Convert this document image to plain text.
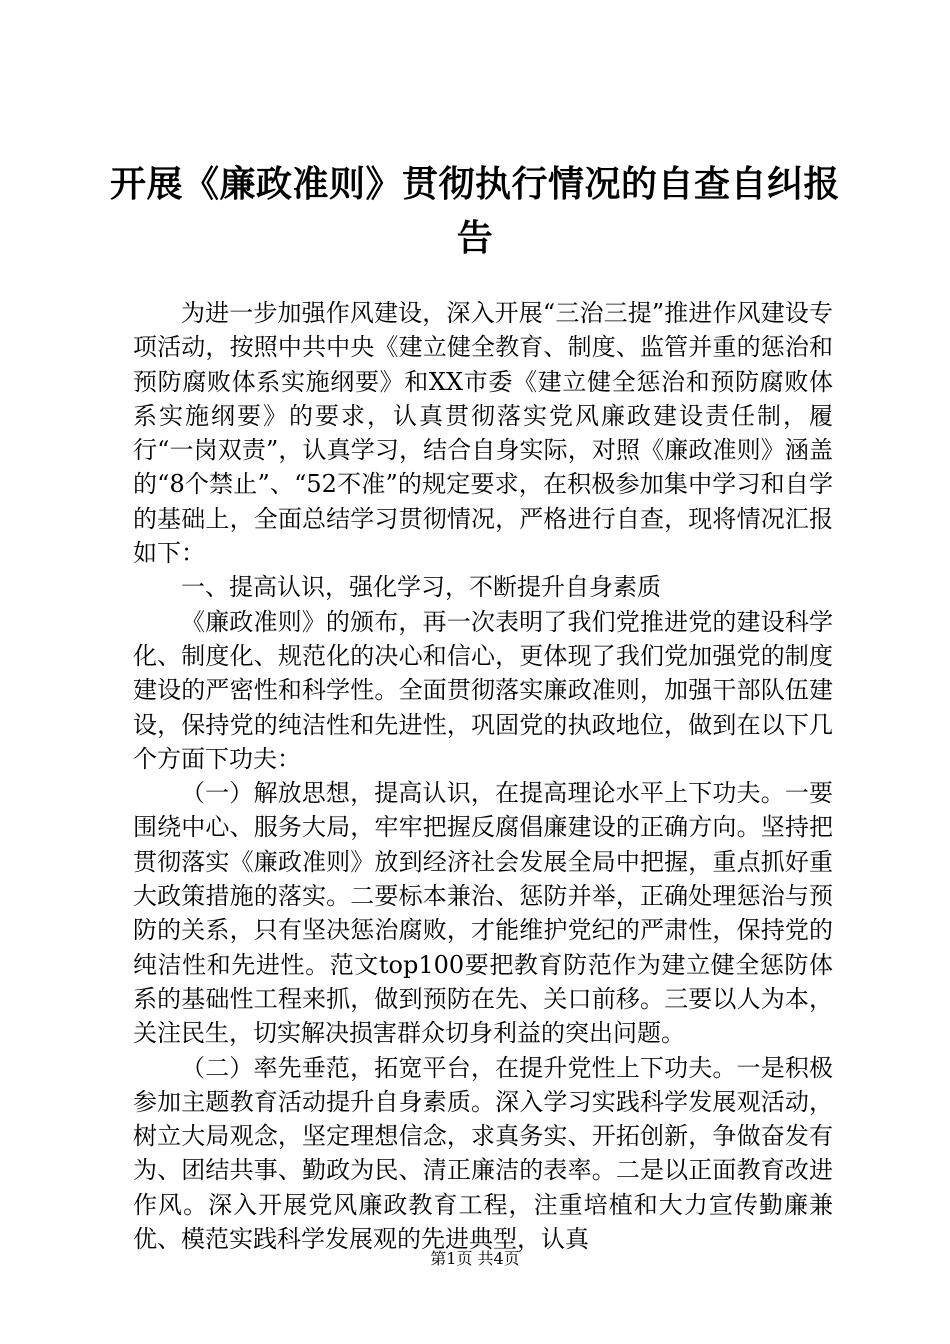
开展《廉政准则》贯彻执行情况的自查自纠报告

为进一步加强作风建设，深入开展“三治三提”推进作风建设专项活动，按照中共中央《建立健全教育、制度、监管并重的惩治和预防腐败体系实施纲要》和XX市委《建立健全惩治和预防腐败体系实施纲要》的要求，认真贯彻落实党风廉政建设责任制，履行“一岗双责”，认真学习，结合自身实际，对照《廉政准则》涵盖的“8个禁止”、“52不准”的规定要求，在积极参加集中学习和自学的基础上，全面总结学习贯彻情况，严格进行自查，现将情况汇报如下：

一、提高认识，强化学习，不断提升自身素质

《廉政准则》的颁布，再一次表明了我们党推进党的建设科学化、制度化、规范化的决心和信心，更体现了我们党加强党的制度建设的严密性和科学性。全面贯彻落实廉政准则，加强干部队伍建设，保持党的纯洁性和先进性，巩固党的执政地位，做到在以下几个方面下功夫：

（一）解放思想，提高认识，在提高理论水平上下功夫。一要围绕中心、服务大局，牢牢把握反腐倡廉建设的正确方向。坚持把贯彻落实《廉政准则》放到经济社会发展全局中把握，重点抓好重大政策措施的落实。二要标本兼治、惩防并举，正确处理惩治与预防的关系，只有坚决惩治腐败，才能维护党纪的严肃性，保持党的纯洁性和先进性。范文top100要把教育防范作为建立健全惩防体系的基础性工程来抓，做到预防在先、关口前移。三要以人为本，关注民生，切实解决损害群众切身利益的突出问题。

（二）率先垂范，拓宽平台，在提升党性上下功夫。一是积极参加主题教育活动提升自身素质。深入学习实践科学发展观活动，树立大局观念，坚定理想信念，求真务实、开拓创新，争做奋发有为、团结共事、勤政为民、清正廉洁的表率。二是以正面教育改进作风。深入开展党风廉政教育工程，注重培植和大力宣传勤廉兼优、模范实践科学发展观的先进典型，认真

第1页 共4页
